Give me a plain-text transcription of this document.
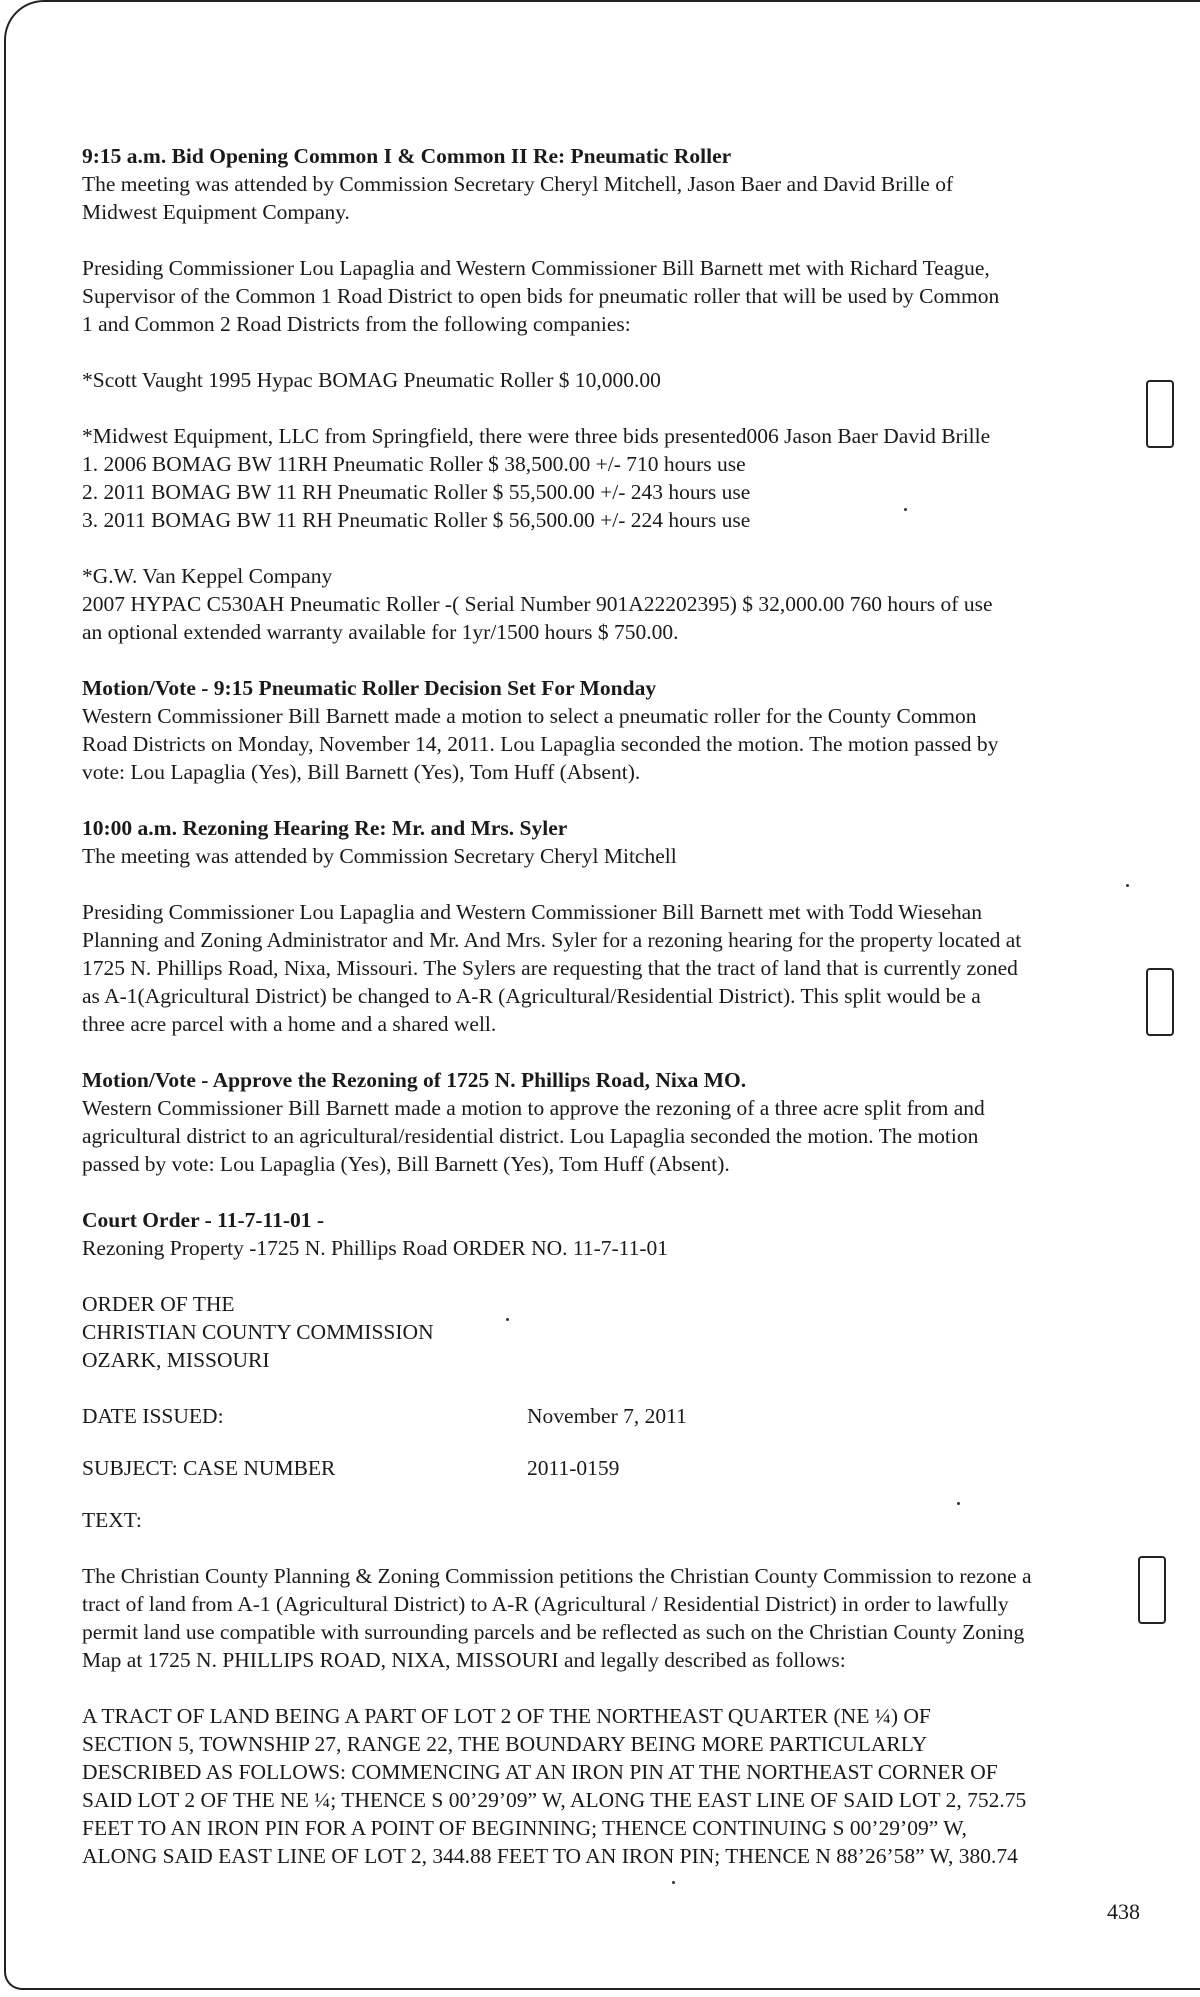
9:15 a.m. Bid Opening Common I & Common II Re: Pneumatic Roller
The meeting was attended by Commission Secretary Cheryl Mitchell, Jason Baer and David Brille of
Midwest Equipment Company.
Presiding Commissioner Lou Lapaglia and Western Commissioner Bill Barnett met with Richard Teague,
Supervisor of the Common 1 Road District to open bids for pneumatic roller that will be used by Common
1 and Common 2 Road Districts from the following companies:
*Scott Vaught 1995 Hypac BOMAG Pneumatic Roller $ 10,000.00
*Midwest Equipment, LLC from Springfield, there were three bids presented006 Jason Baer David Brille
1. 2006 BOMAG BW 11RH Pneumatic Roller $ 38,500.00 +/- 710 hours use
2. 2011 BOMAG BW 11 RH Pneumatic Roller $ 55,500.00 +/- 243 hours use
3. 2011 BOMAG BW 11 RH Pneumatic Roller $ 56,500.00 +/- 224 hours use
*G.W. Van Keppel Company
2007 HYPAC C530AH Pneumatic Roller -( Serial Number 901A22202395) $ 32,000.00 760 hours of use
an optional extended warranty available for 1yr/1500 hours $ 750.00.
Motion/Vote - 9:15 Pneumatic Roller Decision Set For Monday
Western Commissioner Bill Barnett made a motion to select a pneumatic roller for the County Common
Road Districts on Monday, November 14, 2011. Lou Lapaglia seconded the motion. The motion passed by
vote: Lou Lapaglia (Yes), Bill Barnett (Yes), Tom Huff (Absent).
10:00 a.m. Rezoning Hearing Re: Mr. and Mrs. Syler
The meeting was attended by Commission Secretary Cheryl Mitchell
Presiding Commissioner Lou Lapaglia and Western Commissioner Bill Barnett met with Todd Wiesehan
Planning and Zoning Administrator and Mr. And Mrs. Syler for a rezoning hearing for the property located at
1725 N. Phillips Road, Nixa, Missouri. The Sylers are requesting that the tract of land that is currently zoned
as A-1(Agricultural District) be changed to A-R (Agricultural/Residential District). This split would be a
three acre parcel with a home and a shared well.
Motion/Vote - Approve the Rezoning of 1725 N. Phillips Road, Nixa MO.
Western Commissioner Bill Barnett made a motion to approve the rezoning of a three acre split from and
agricultural district to an agricultural/residential district. Lou Lapaglia seconded the motion. The motion
passed by vote: Lou Lapaglia (Yes), Bill Barnett (Yes), Tom Huff (Absent).
Court Order - 11-7-11-01 -
Rezoning Property -1725 N. Phillips Road ORDER NO. 11-7-11-01
ORDER OF THE
CHRISTIAN COUNTY COMMISSION
OZARK, MISSOURI
DATE ISSUED:	November 7, 2011
SUBJECT: CASE NUMBER	2011-0159
TEXT:
The Christian County Planning & Zoning Commission petitions the Christian County Commission to rezone a
tract of land from A-1 (Agricultural District) to A-R (Agricultural / Residential District) in order to lawfully
permit land use compatible with surrounding parcels and be reflected as such on the Christian County Zoning
Map at 1725 N. PHILLIPS ROAD, NIXA, MISSOURI and legally described as follows:
A TRACT OF LAND BEING A PART OF LOT 2 OF THE NORTHEAST QUARTER (NE ¼) OF
SECTION 5, TOWNSHIP 27, RANGE 22, THE BOUNDARY BEING MORE PARTICULARLY
DESCRIBED AS FOLLOWS: COMMENCING AT AN IRON PIN AT THE NORTHEAST CORNER OF
SAID LOT 2 OF THE NE ¼; THENCE S 00’29’09” W, ALONG THE EAST LINE OF SAID LOT 2, 752.75
FEET TO AN IRON PIN FOR A POINT OF BEGINNING; THENCE CONTINUING S 00’29’09” W,
ALONG SAID EAST LINE OF LOT 2, 344.88 FEET TO AN IRON PIN; THENCE N 88’26’58” W, 380.74
438
